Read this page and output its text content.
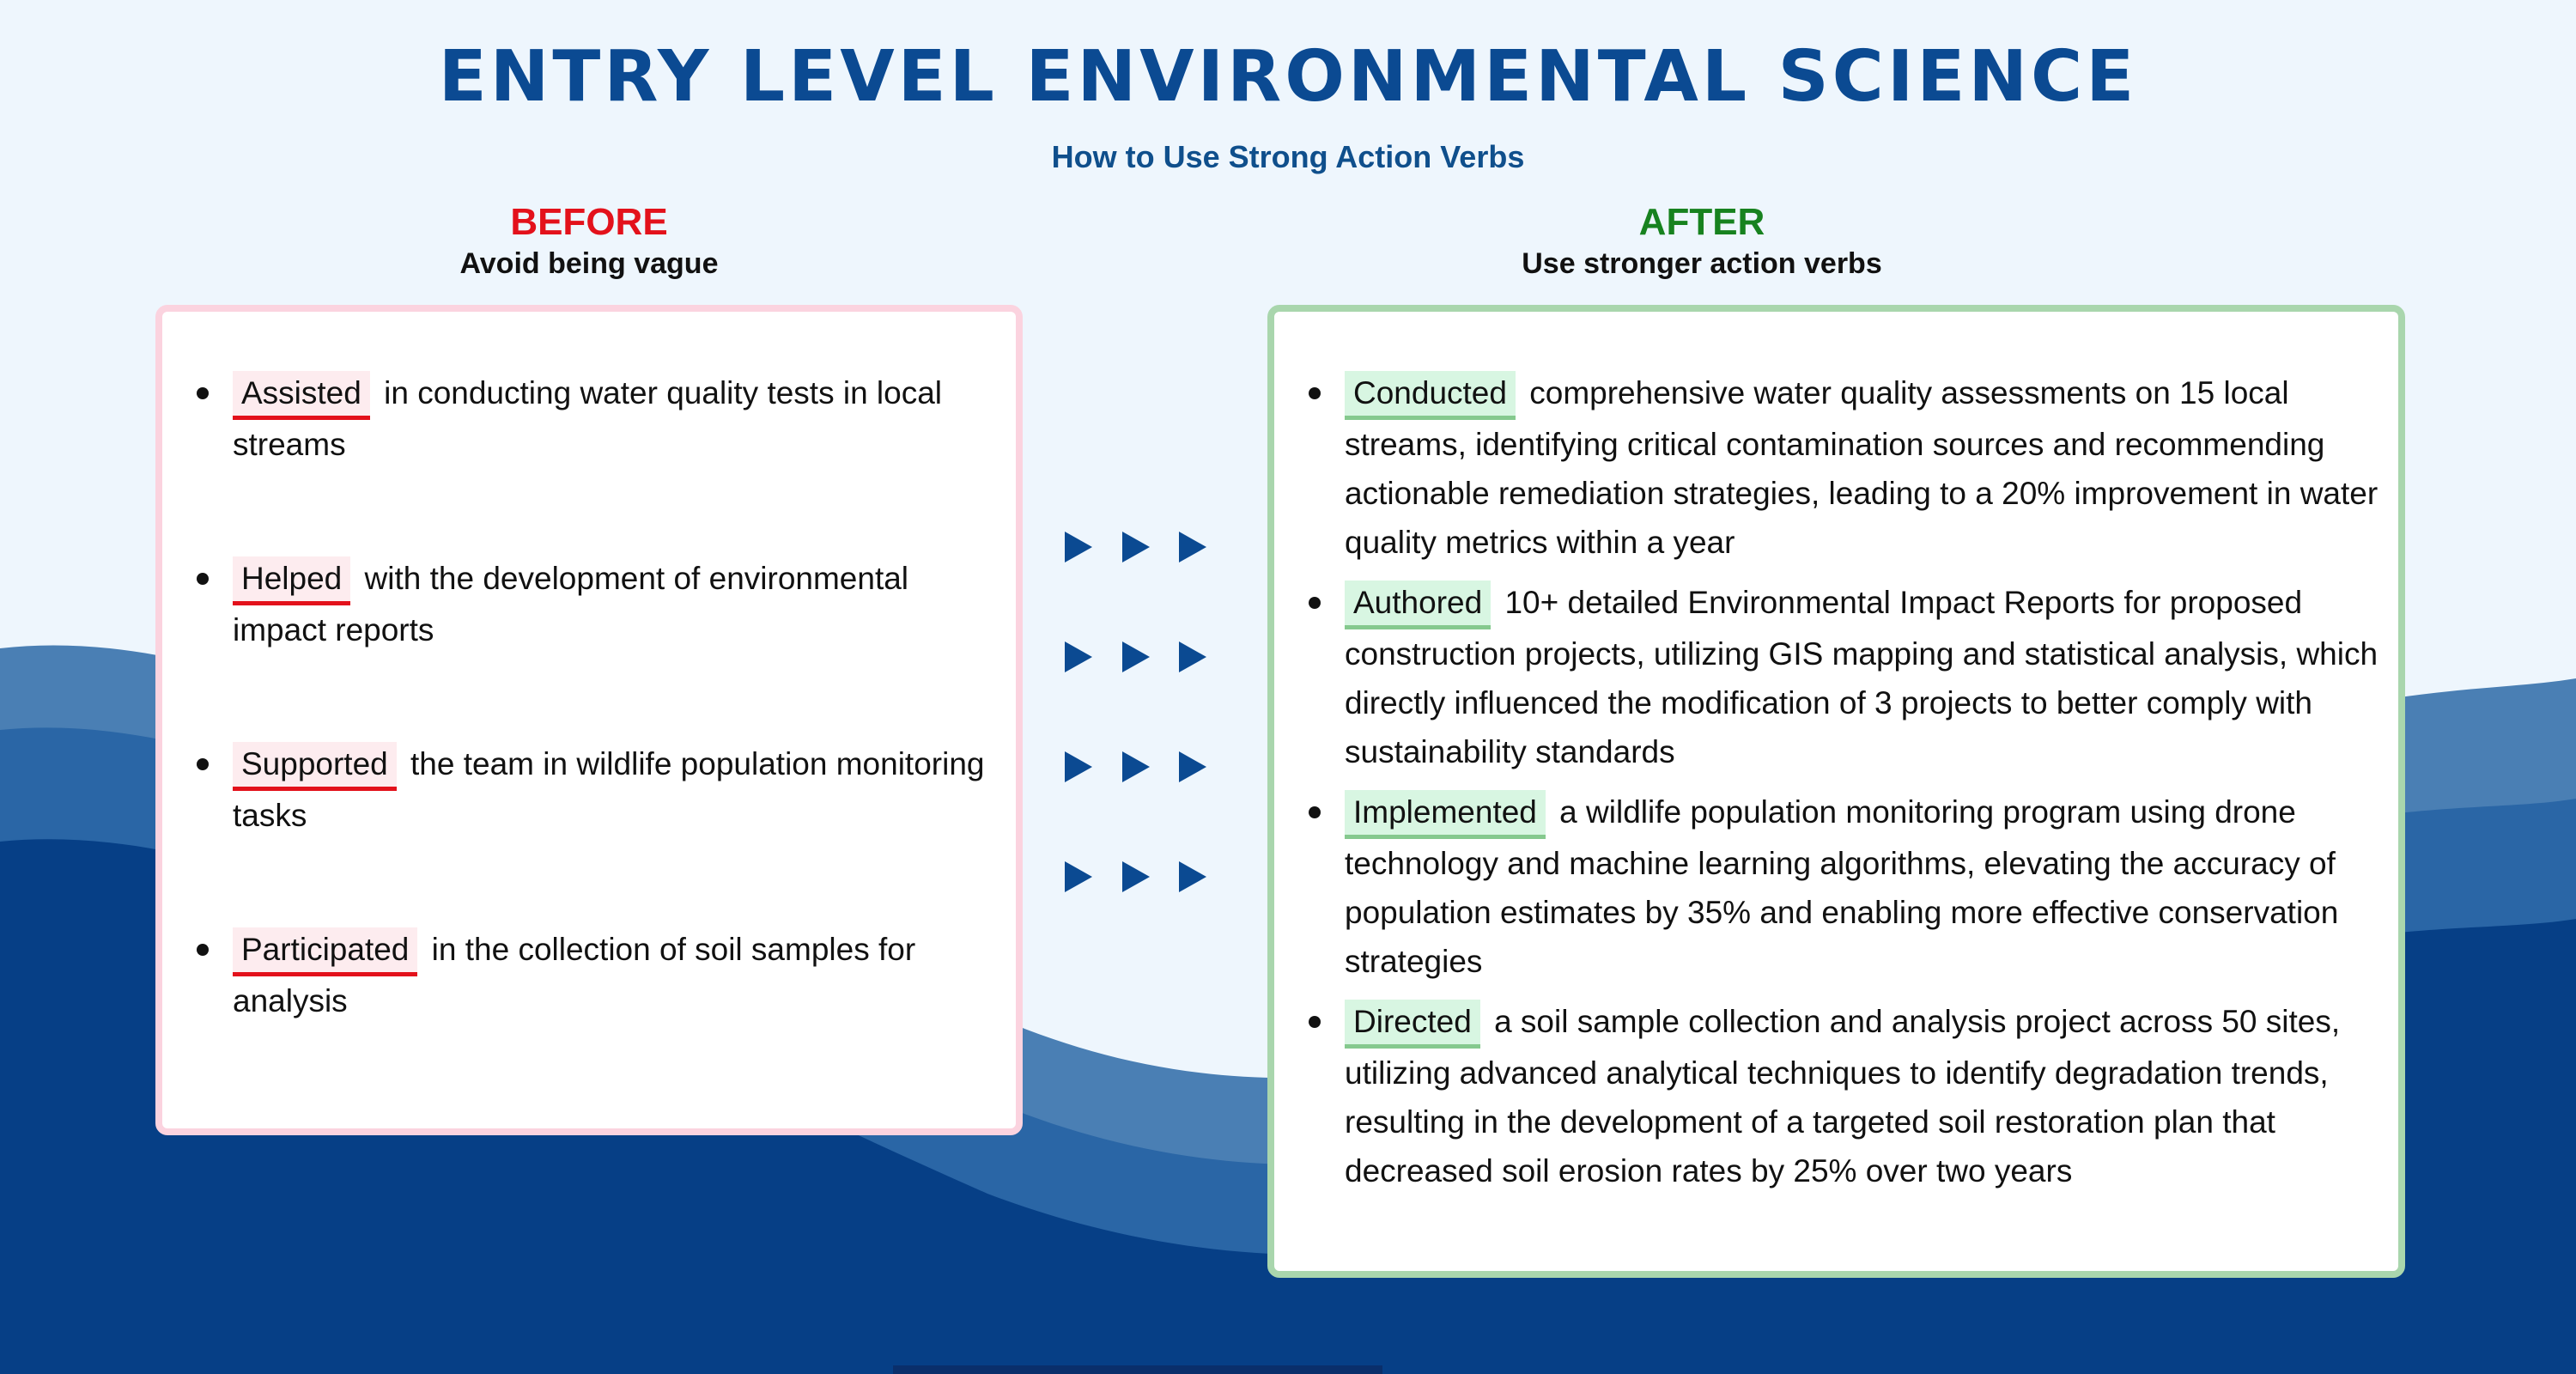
ENTRY LEVEL ENVIRONMENTAL SCIENCE
How to Use Strong Action Verbs
BEFORE
Avoid being vague
AFTER
Use stronger action verbs
Assisted in conducting water quality tests in local streams
Helped with the development of environmental impact reports
Supported the team in wildlife population monitoring tasks
Participated in the collection of soil samples for analysis
Conducted comprehensive water quality assessments on 15 local streams, identifying critical contamination sources and recommending actionable remediation strategies, leading to a 20% improvement in water quality metrics within a year
Authored 10+ detailed Environmental Impact Reports for proposed construction projects, utilizing GIS mapping and statistical analysis, which directly influenced the modification of 3 projects to better comply with sustainability standards
Implemented a wildlife population monitoring program using drone technology and machine learning algorithms, elevating the accuracy of population estimates by 35% and enabling more effective conservation strategies
Directed a soil sample collection and analysis project across 50 sites, utilizing advanced analytical techniques to identify degradation trends, resulting in the development of a targeted soil restoration plan that decreased soil erosion rates by 25% over two years
